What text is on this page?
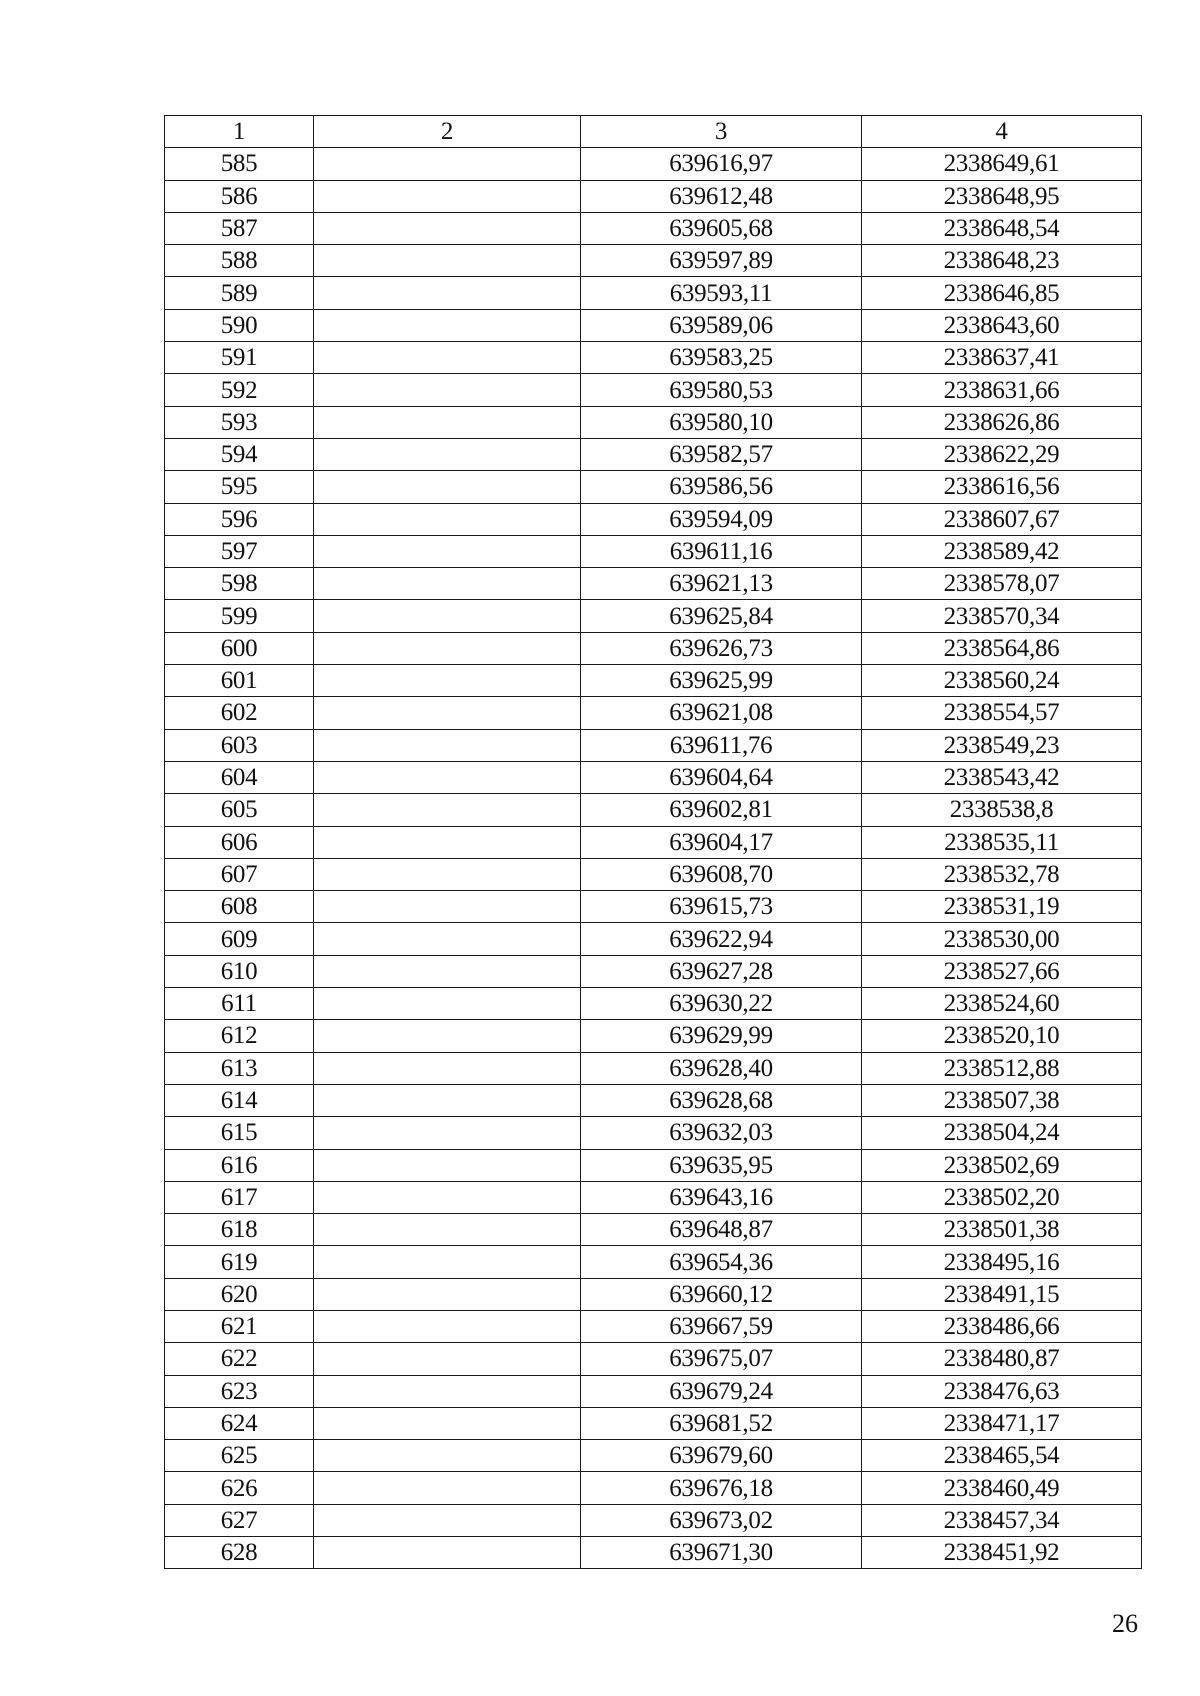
1	2	3	4
585		639616,97	2338649,61
586		639612,48	2338648,95
587		639605,68	2338648,54
588		639597,89	2338648,23
589		639593,11	2338646,85
590		639589,06	2338643,60
591		639583,25	2338637,41
592		639580,53	2338631,66
593		639580,10	2338626,86
594		639582,57	2338622,29
595		639586,56	2338616,56
596		639594,09	2338607,67
597		639611,16	2338589,42
598		639621,13	2338578,07
599		639625,84	2338570,34
600		639626,73	2338564,86
601		639625,99	2338560,24
602		639621,08	2338554,57
603		639611,76	2338549,23
604		639604,64	2338543,42
605		639602,81	2338538,8
606		639604,17	2338535,11
607		639608,70	2338532,78
608		639615,73	2338531,19
609		639622,94	2338530,00
610		639627,28	2338527,66
611		639630,22	2338524,60
612		639629,99	2338520,10
613		639628,40	2338512,88
614		639628,68	2338507,38
615		639632,03	2338504,24
616		639635,95	2338502,69
617		639643,16	2338502,20
618		639648,87	2338501,38
619		639654,36	2338495,16
620		639660,12	2338491,15
621		639667,59	2338486,66
622		639675,07	2338480,87
623		639679,24	2338476,63
624		639681,52	2338471,17
625		639679,60	2338465,54
626		639676,18	2338460,49
627		639673,02	2338457,34
628		639671,30	2338451,92
26
